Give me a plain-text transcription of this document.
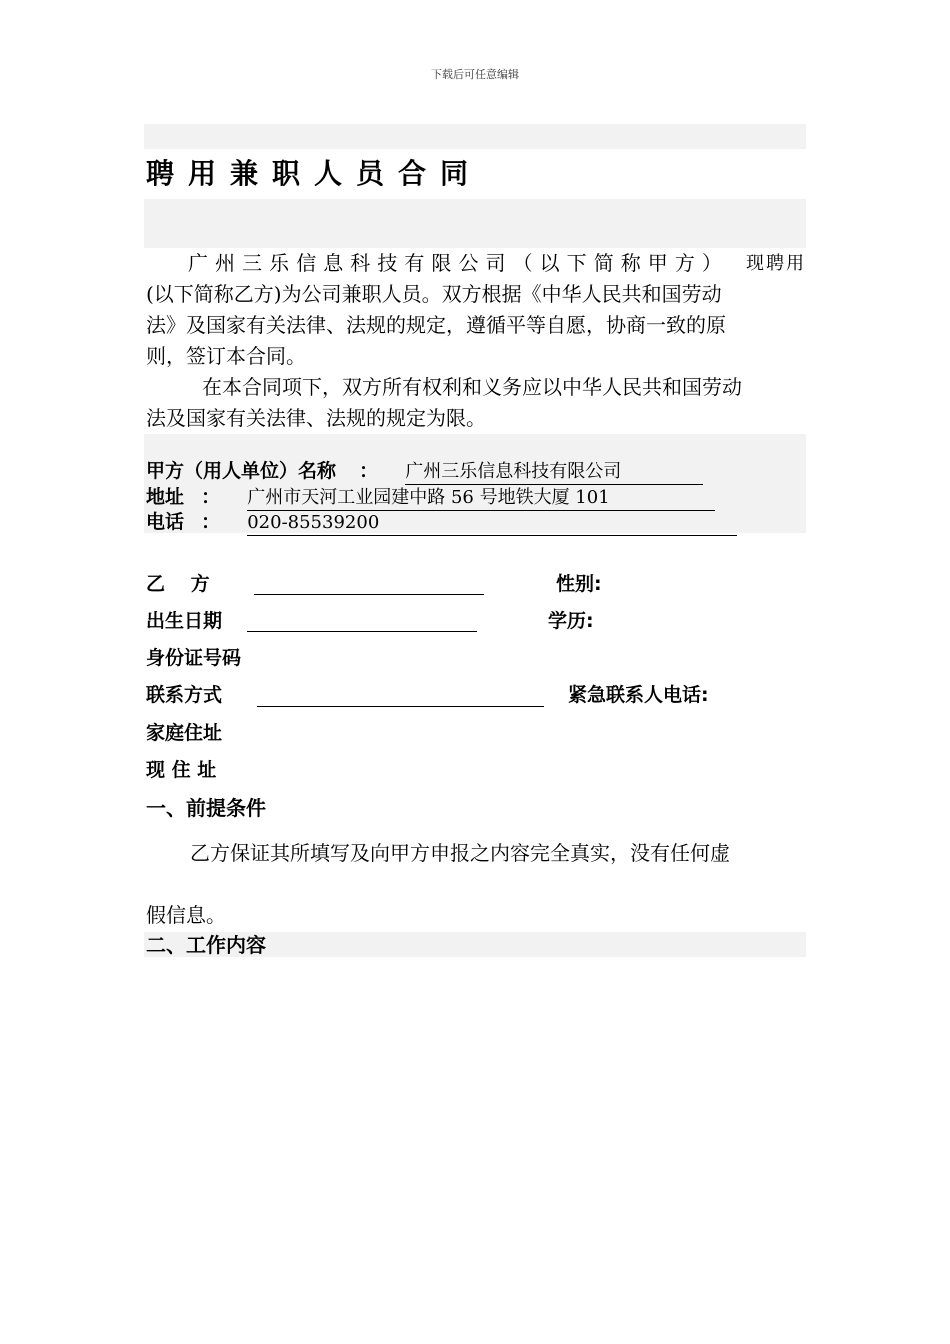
下载后可任意编辑
聘用兼职人员合同
广 州 三 乐 信 息 科 技 有 限 公 司 （ 以 下 简 称 甲 方 ） 现聘用
(以下简称乙方)为公司兼职人员。双方根据《中华人民共和国劳动
法》及国家有关法律、法规的规定，遵循平等自愿，协商一致的原
则，签订本合同。
在本合同项下，双方所有权利和义务应以中华人民共和国劳动
法及国家有关法律、法规的规定为限。
甲方（用人单位）名称 ： 广州三乐信息科技有限公司
地址 ： 广州市天河工业园建中路 56 号地铁大厦 101
电话 ： 020-85539200
乙　 方	性别:
出生日期	学历:
身份证号码
联系方式	紧急联系人电话:
家庭住址
现 住 址
一、前提条件
乙方保证其所填写及向甲方申报之内容完全真实，没有任何虚
假信息。
二、工作内容
